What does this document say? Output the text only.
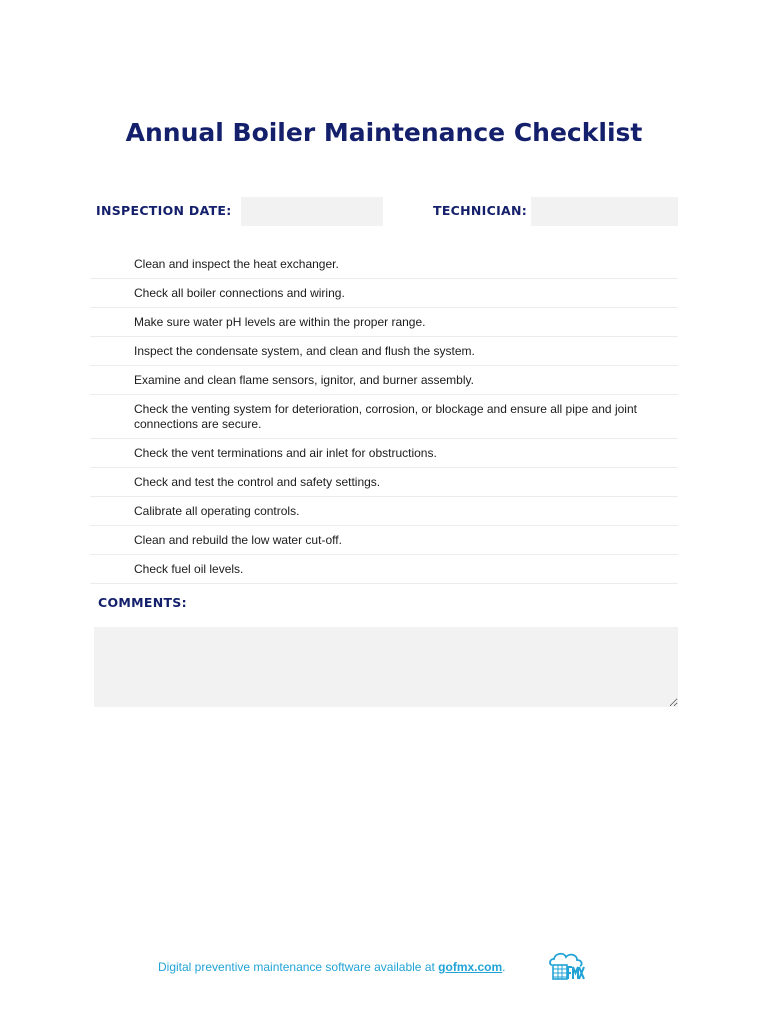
Annual Boiler Maintenance Checklist
INSPECTION DATE:	TECHNICIAN:
Clean and inspect the heat exchanger.
Check all boiler connections and wiring.
Make sure water pH levels are within the proper range.
Inspect the condensate system, and clean and flush the system.
Examine and clean flame sensors, ignitor, and burner assembly.
Check the venting system for deterioration, corrosion, or blockage and ensure all pipe and joint connections are secure.
Check the vent terminations and air inlet for obstructions.
Check and test the control and safety settings.
Calibrate all operating controls.
Clean and rebuild the low water cut-off.
Check fuel oil levels.
COMMENTS:
Digital preventive maintenance software available at gofmx.com.
